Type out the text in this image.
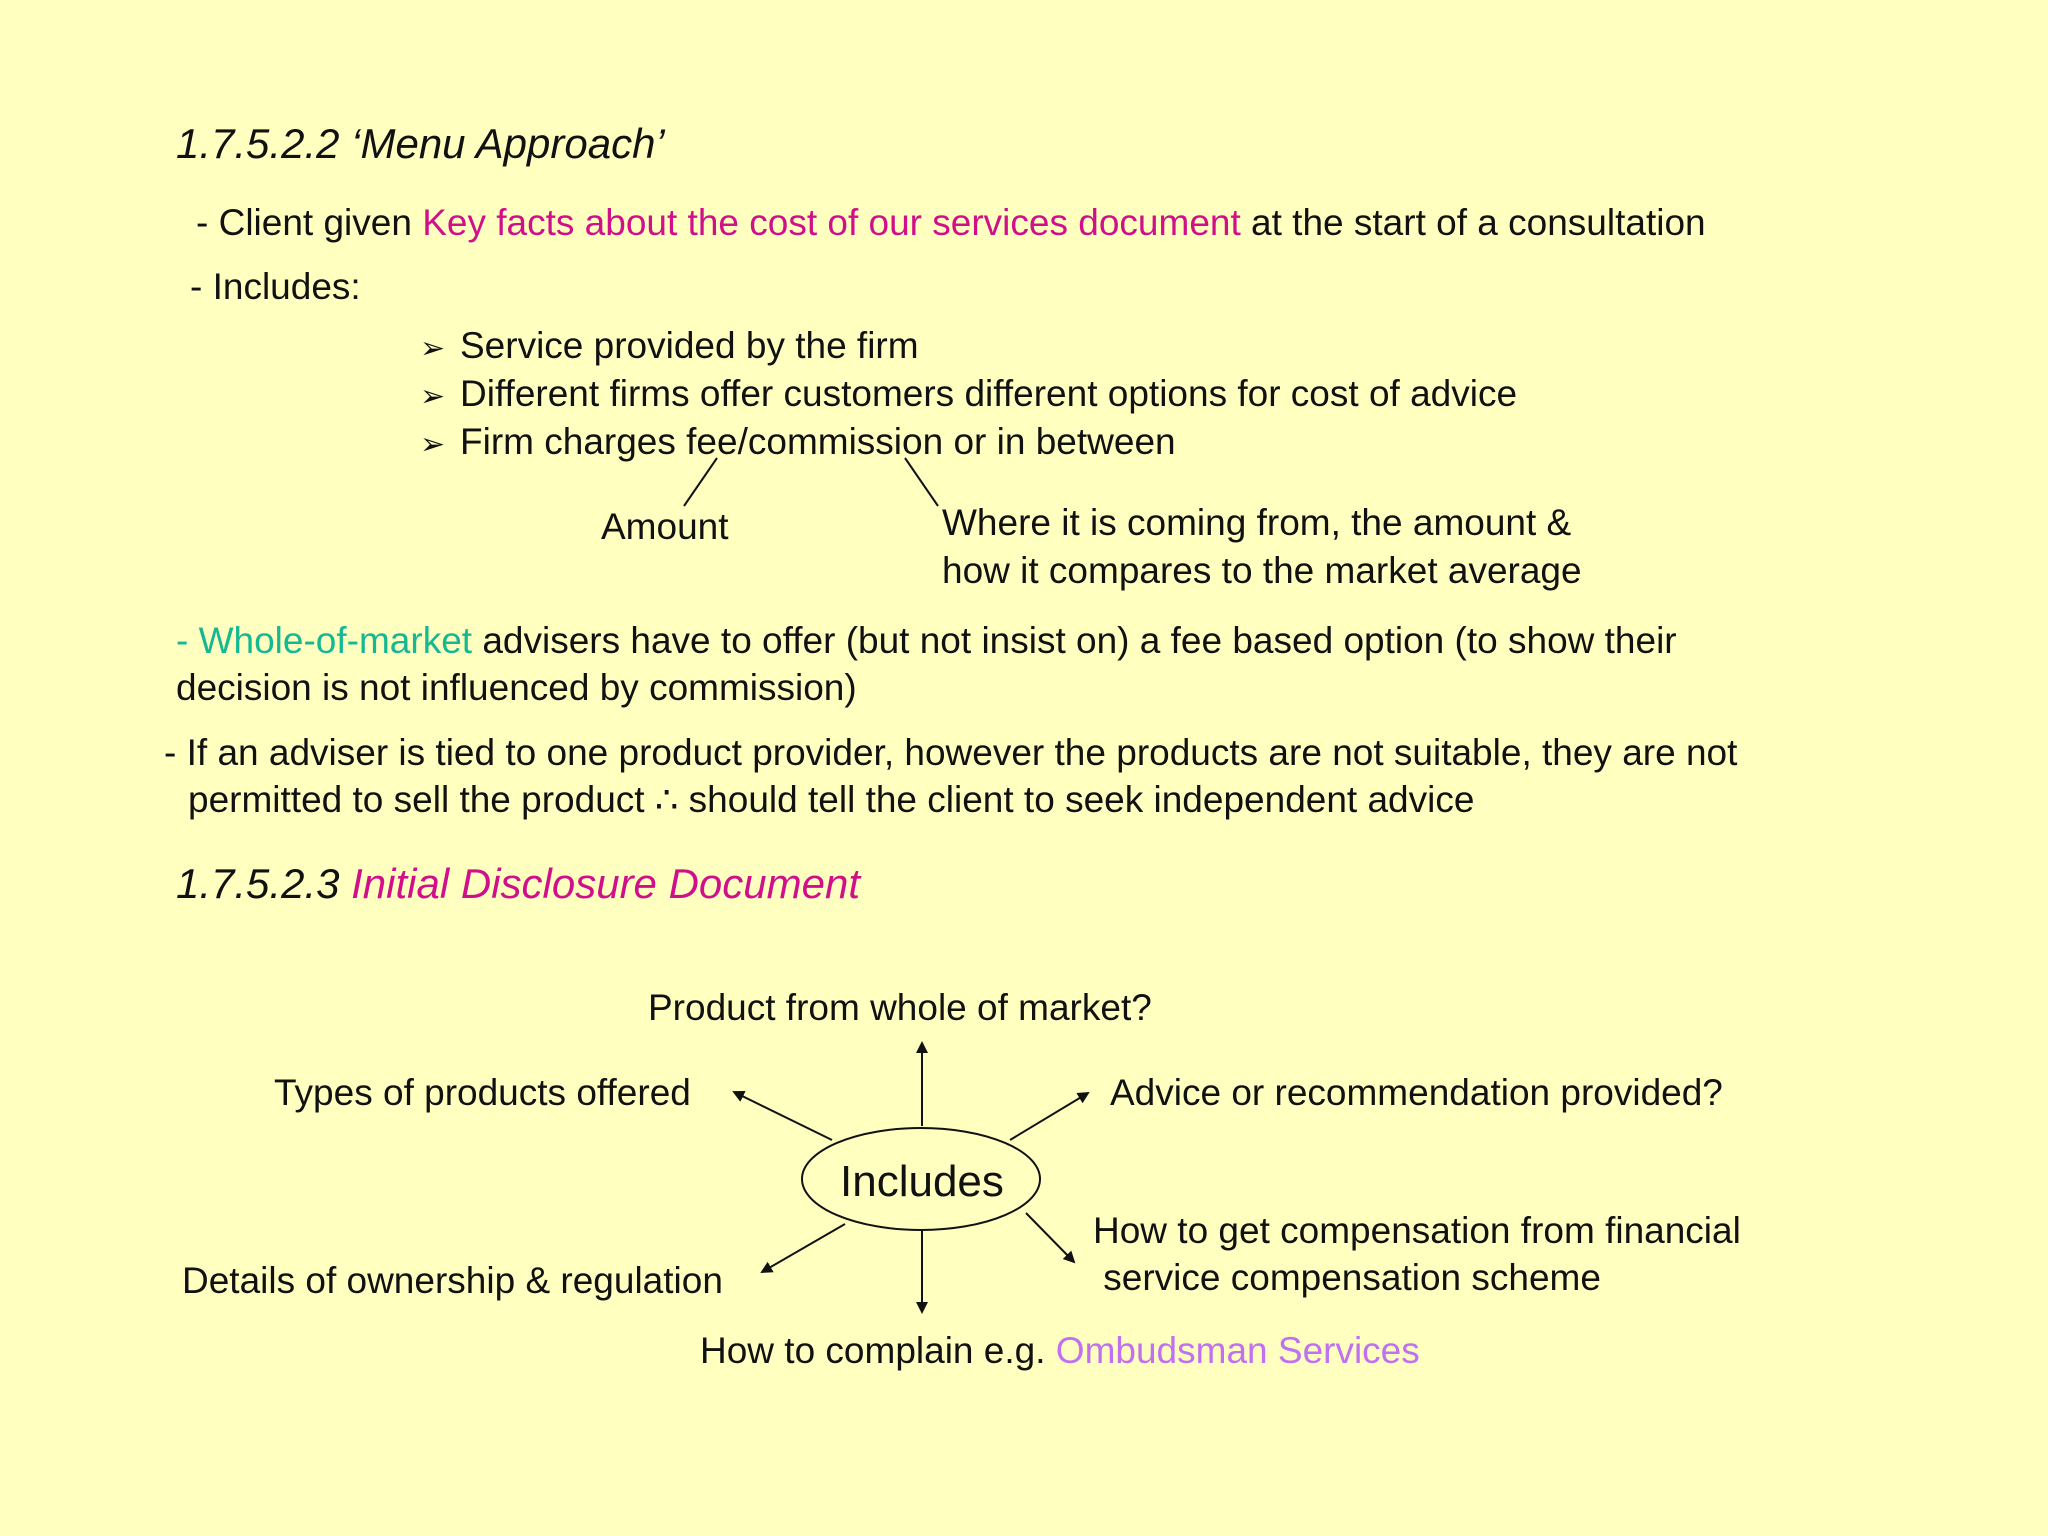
1.7.5.2.2 ‘Menu Approach’
- Client given Key facts about the cost of our services document at the start of a consultation
- Includes:
➢ Service provided by the firm
➢ Different firms offer customers different options for cost of advice
➢ Firm charges fee/commission or in between
Amount	Where it is coming from, the amount &
how it compares to the market average
- Whole-of-market advisers have to offer (but not insist on) a fee based option (to show their
decision is not influenced by commission)
- If an adviser is tied to one product provider, however the products are not suitable, they are not
permitted to sell the product ∴ should tell the client to seek independent advice
1.7.5.2.3 Initial Disclosure Document
Includes
Product from whole of market?
Types of products offered	Advice or recommendation provided?
Details of ownership & regulation
How to get compensation from financial
service compensation scheme
How to complain e.g. Ombudsman Services
